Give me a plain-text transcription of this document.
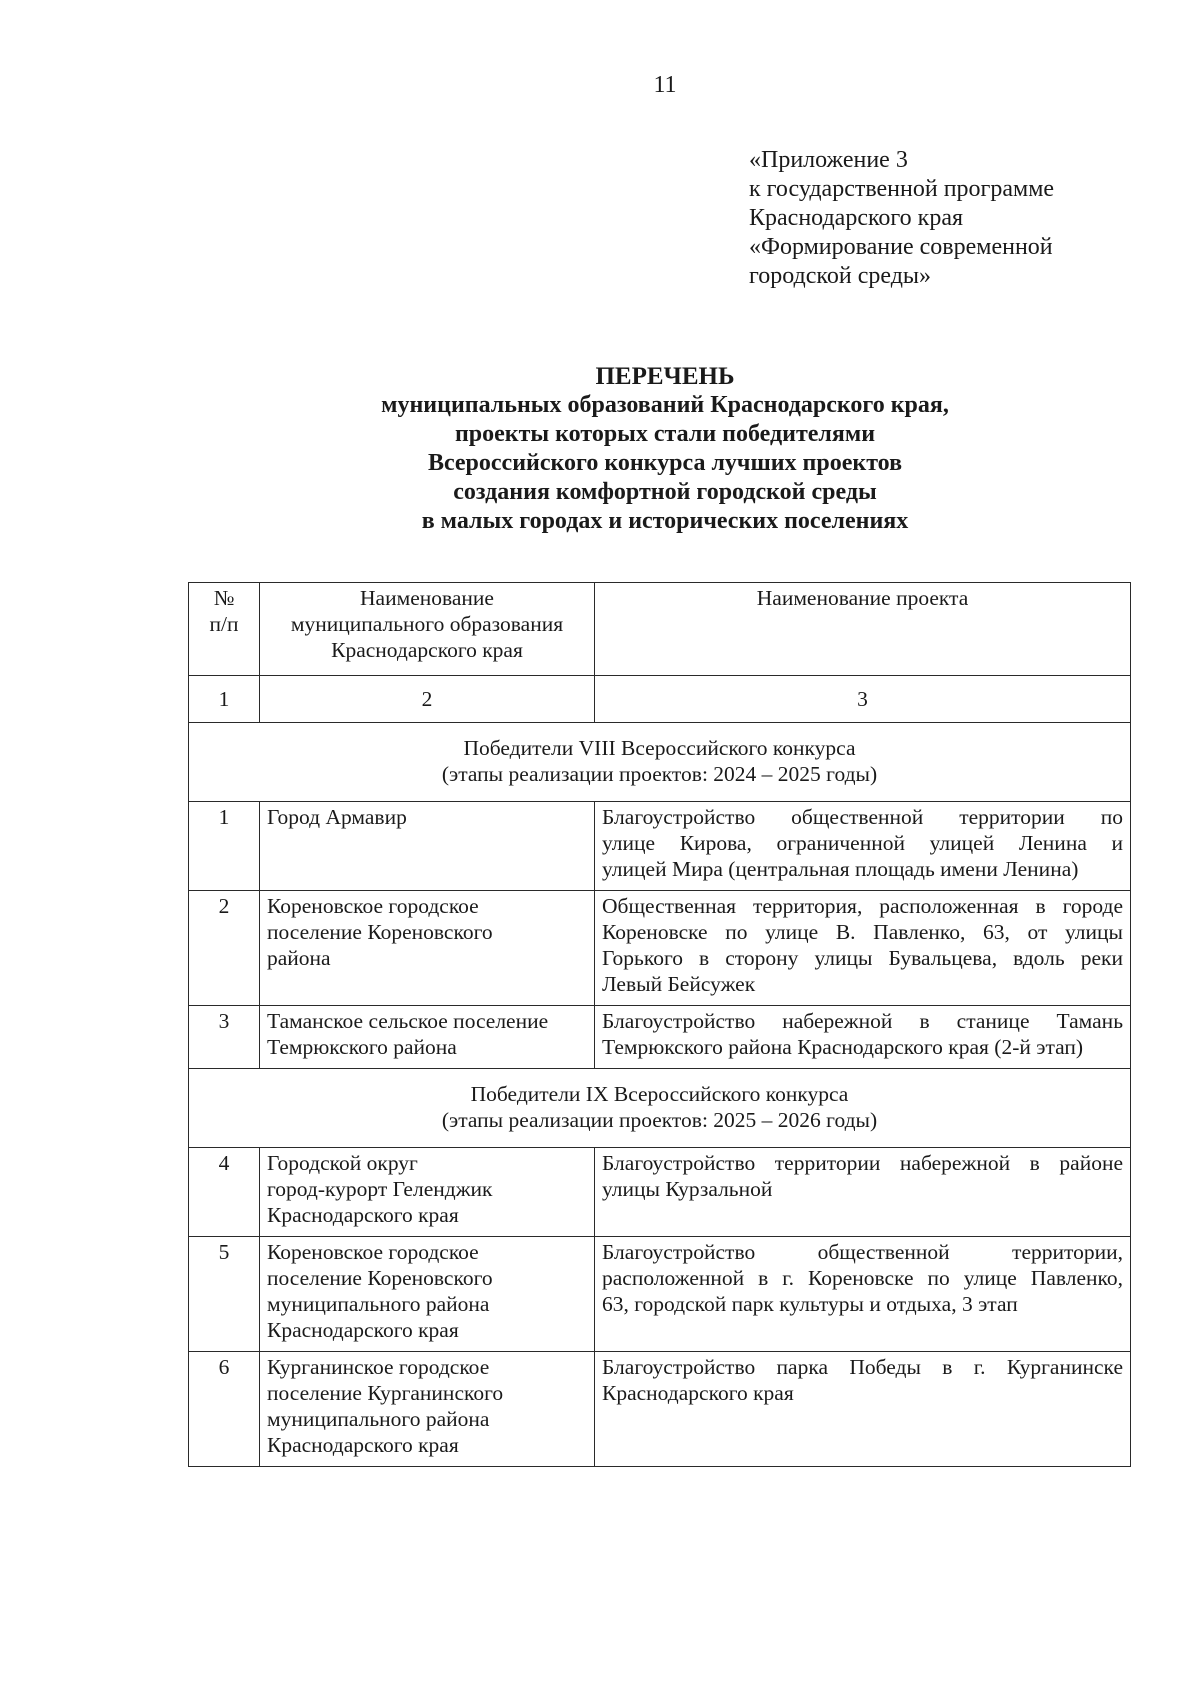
11
«Приложение 3
к государственной программе
Краснодарского края
«Формирование современной
городской среды»
ПЕРЕЧЕНЬ
муниципальных образований Краснодарского края,
проекты которых стали победителями
Всероссийского конкурса лучших проектов
создания комфортной городской среды
в малых городах и исторических поселениях
№
п/п	Наименование
муниципального образования
Краснодарского края	Наименование проекта

1	2	3

Победители VIII Всероссийского конкурса
(этапы реализации проектов: 2024 – 2025 годы)		

1	Город Армавир	Благоустройство общественной территории по
улице Кирова, ограниченной улицей Ленина и
улицей Мира (центральная площадь имени Ленина)

2	Кореновское городское
поселение Кореновского
района	Общественная территория, расположенная в городе
Кореновске по улице В. Павленко, 63, от улицы
Горького в сторону улицы Бувальцева, вдоль реки
Левый Бейсужек

3	Таманское сельское поселение
Темрюкского района	Благоустройство набережной в станице Тамань
Темрюкского района Краснодарского края (2-й этап)

Победители IX Всероссийского конкурса
(этапы реализации проектов: 2025 – 2026 годы)		

4	Городской округ
город-курорт Геленджик
Краснодарского края	Благоустройство территории набережной в районе
улицы Курзальной

5	Кореновское городское
поселение Кореновского
муниципального района
Краснодарского края	Благоустройство общественной территории,
расположенной в г. Кореновске по улице Павленко,
63, городской парк культуры и отдыха, 3 этап

6	Курганинское городское
поселение Курганинского
муниципального района
Краснодарского края	Благоустройство парка Победы в г. Курганинске
Краснодарского края
